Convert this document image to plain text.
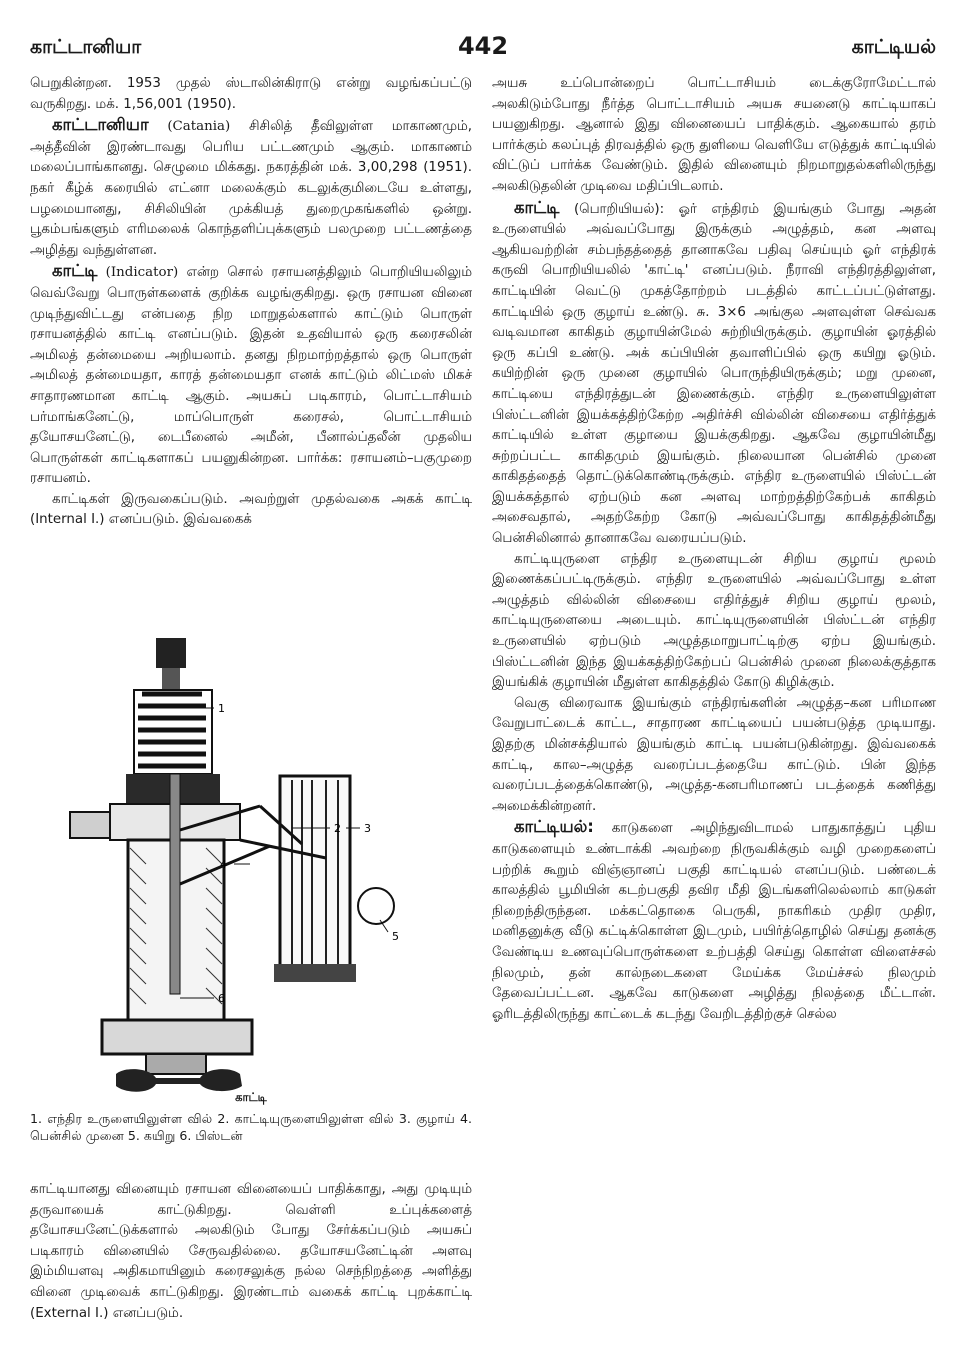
காட்டானியா	442	காட்டியல்

பெறுகின்றன. 1953 முதல் ஸ்டாலின்கிராடு என்று வழங்கப்பட்டு வருகிறது. மக். 1,56,001 (1950).

காட்டானியா (Catania) சிசிலித் தீவிலுள்ள மாகாணமும், அத்தீவின் இரண்டாவது பெரிய பட்டணமும் ஆகும். மாகாணம் மலைப்பாங்கானது. செழுமை மிக்கது. நகரத்தின் மக். 3,00,298 (1951). நகர் கீழ்க் கரையில் எட்னா மலைக்கும் கடலுக்குமிடையே உள்ளது, பழமையானது, சிசிலியின் முக்கியத் துறைமுகங்களில் ஒன்று. பூகம்பங்களும் எரிமலைக் கொந்தளிப்புக்களும் பலமுறை பட்டணத்தை அழித்து வந்துள்ளன.

காட்டி (Indicator) என்ற சொல் ரசாயனத்திலும் பொறியியலிலும் வெவ்வேறு பொருள்களைக் குறிக்க வழங்குகிறது. ஒரு ரசாயன வினை முடிந்துவிட்டது என்பதை நிற மாறுதல்களால் காட்டும் பொருள் ரசாயனத்தில் காட்டி எனப்படும். இதன் உதவியால் ஒரு கரைசலின் அமிலத் தன்மையை அறியலாம். தனது நிறமாற்றத்தால் ஒரு பொருள் அமிலத் தன்மையதா, காரத் தன்மையதா எனக் காட்டும் லிட்மஸ் மிகச் சாதாரணமான காட்டி ஆகும். அயசுப் படிகாரம், பொட்டாசியம் பர்மாங்கனேட்டு, மாப்பொருள் கரைசல், பொட்டாசியம் தயோசயனேட்டு, டைபீனைல் அமீன், பீனால்ப்தலீன் முதலிய பொருள்கள் காட்டிகளாகப் பயனுகின்றன. பார்க்க: ரசாயனம்–பகுமுறை ரசாயனம்.

காட்டிகள் இருவகைப்படும். அவற்றுள் முதல்வகை அகக் காட்டி (Internal I.) எனப்படும். இவ்வகைக்

1
2 3
4
5
6
காட்டி
1. எந்திர உருளையிலுள்ள வில் 2. காட்டியுருளையிலுள்ள வில் 3. குழாய் 4. பென்சில் முனை 5. கயிறு 6. பிஸ்டன்

காட்டியானது வினையும் ரசாயன வினையைப் பாதிக்காது, அது முடியும் தருவாயைக் காட்டுகிறது. வெள்ளி உப்புக்களைத் தயோசயனேட்டுக்களால் அலகிடும் போது சேர்க்கப்படும் அயசுப் படிகாரம் வினையில் சேருவதில்லை. தயோசயனேட்டின் அளவு இம்மியளவு அதிகமாயினும் கரைசலுக்கு நல்ல செந்நிறத்தை அளித்து வினை முடிவைக் காட்டுகிறது. இரண்டாம் வகைக் காட்டி புறக்காட்டி (External I.) எனப்படும்.

அயசு உப்பொன்றைப் பொட்டாசியம் டைக்குரோமேட்டால் அலகிடும்போது நீர்த்த பொட்டாசியம் அயசு சயனைடு காட்டியாகப் பயனுகிறது. ஆனால் இது வினையைப் பாதிக்கும். ஆகையால் தரம் பார்க்கும் கலப்புத் திரவத்தில் ஒரு துளியை வெளியே எடுத்துக் காட்டியில் விட்டுப் பார்க்க வேண்டும். இதில் வினையும் நிறமாறுதல்களிலிருந்து அலகிடுதலின் முடிவை மதிப்பிடலாம்.

காட்டி (பொறியியல்): ஓர் எந்திரம் இயங்கும் போது அதன் உருளையில் அவ்வப்போது இருக்கும் அழுத்தம், கன அளவு ஆகியவற்றின் சம்பந்தத்தைத் தானாகவே பதிவு செய்யும் ஓர் எந்திரக் கருவி பொறியியலில் 'காட்டி' எனப்படும். நீராவி எந்திரத்திலுள்ள, காட்டியின் வெட்டு முகத்தோற்றம் படத்தில் காட்டப்பட்டுள்ளது. காட்டியில் ஒரு குழாய் உண்டு. சு. 3×6 அங்குல அளவுள்ள செவ்வக வடிவமான காகிதம் குழாயின்மேல் சுற்றியிருக்கும். குழாயின் ஓரத்தில் ஒரு கப்பி உண்டு. அக் கப்பியின் தவாளிப்பில் ஒரு கயிறு ஓடும். கயிற்றின் ஒரு முனை குழாயில் பொருந்தியிருக்கும்; மறு முனை, காட்டியை எந்திரத்துடன் இணைக்கும். எந்திர உருளையிலுள்ள பிஸ்ட்டனின் இயக்கத்திற்கேற்ற அதிர்ச்சி வில்லின் விசையை எதிர்த்துக் காட்டியில் உள்ள குழாயை இயக்குகிறது. ஆகவே குழாயின்மீது சுற்றப்பட்ட காகிதமும் இயங்கும். நிலையான பென்சில் முனை காகிதத்தைத் தொட்டுக்கொண்டிருக்கும். எந்திர உருளையில் பிஸ்ட்டன் இயக்கத்தால் ஏற்படும் கன அளவு மாற்றத்திற்கேற்பக் காகிதம் அசைவதால், அதற்கேற்ற கோடு அவ்வப்போது காகிதத்தின்மீது பென்சிலினால் தானாகவே வரையப்படும்.

காட்டியுருளை எந்திர உருளையுடன் சிறிய குழாய் மூலம் இணைக்கப்பட்டிருக்கும். எந்திர உருளையில் அவ்வப்போது உள்ள அழுத்தம் வில்லின் விசையை எதிர்த்துச் சிறிய குழாய் மூலம், காட்டியுருளையை அடையும். காட்டியுருளையின் பிஸ்ட்டன் எந்திர உருளையில் ஏற்படும் அழுத்தமாறுபாட்டிற்கு ஏற்ப இயங்கும். பிஸ்ட்டனின் இந்த இயக்கத்திற்கேற்பப் பென்சில் முனை நிலைக்குத்தாக இயங்கிக் குழாயின் மீதுள்ள காகிதத்தில் கோடு கிழிக்கும்.

வெகு விரைவாக இயங்கும் எந்திரங்களின் அழுத்த–கன பரிமாண வேறுபாட்டைக் காட்ட, சாதாரண காட்டியைப் பயன்படுத்த முடியாது. இதற்கு மின்சக்தியால் இயங்கும் காட்டி பயன்படுகின்றது. இவ்வகைக் காட்டி, கால–அழுத்த வரைப்படத்தையே காட்டும். பின் இந்த வரைப்படத்தைக்கொண்டு, அழுத்த-கனபரிமாணப் படத்தைக் கணித்து அமைக்கின்றனர்.

காட்டியல்: காடுகளை அழிந்துவிடாமல் பாதுகாத்துப் புதிய காடுகளையும் உண்டாக்கி அவற்றை நிருவகிக்கும் வழி முறைகளைப் பற்றிக் கூறும் விஞ்ஞானப் பகுதி காட்டியல் எனப்படும். பண்டைக் காலத்தில் பூமியின் கடற்பகுதி தவிர மீதி இடங்களிலெல்லாம் காடுகள் நிறைந்திருந்தன. மக்கட்தொகை பெருகி, நாகரிகம் முதிர முதிர, மனிதனுக்கு வீடு கட்டிக்கொள்ள இடமும், பயிர்த்தொழில் செய்து தனக்கு வேண்டிய உணவுப்பொருள்களை உற்பத்தி செய்து கொள்ள விளைச்சல் நிலமும், தன் கால்நடைகளை மேய்க்க மேய்ச்சல் நிலமும் தேவைப்பட்டன. ஆகவே காடுகளை அழித்து நிலத்தை மீட்டான். ஓரிடத்திலிருந்து காட்டைக் கடந்து வேறிடத்திற்குச் செல்ல
